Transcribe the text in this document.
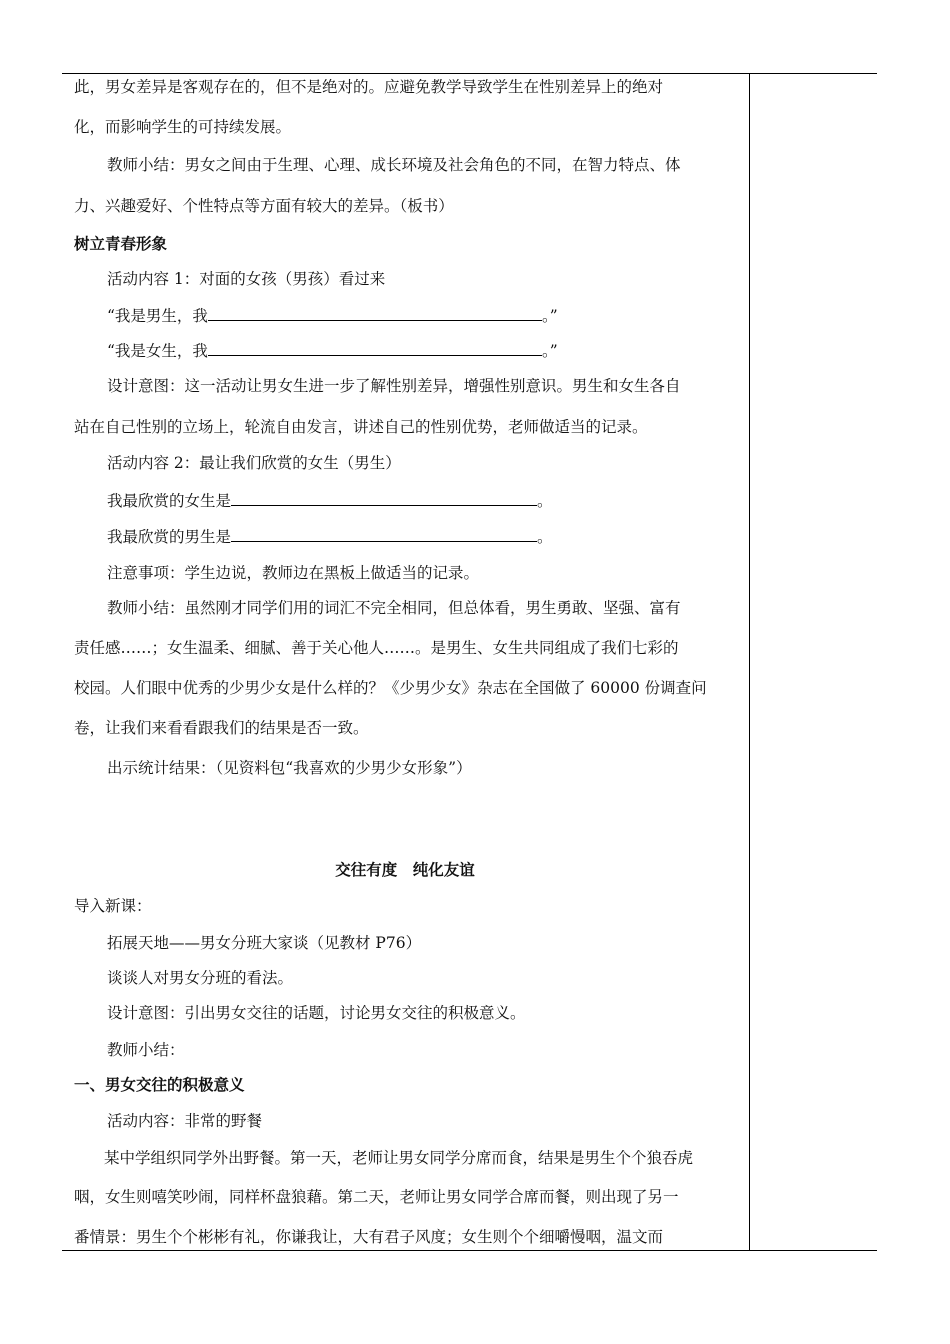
此，男女差异是客观存在的，但不是绝对的。应避免教学导致学生在性别差异上的绝对
化，而影响学生的可持续发展。
教师小结：男女之间由于生理、心理、成长环境及社会角色的不同，在智力特点、体
力、兴趣爱好、个性特点等方面有较大的差异。（板书）
树立青春形象
活动内容 1：对面的女孩（男孩）看过来
“我是男生，我	。”
“我是女生，我	。”
设计意图：这一活动让男女生进一步了解性别差异，增强性别意识。男生和女生各自
站在自己性别的立场上，轮流自由发言，讲述自己的性别优势，老师做适当的记录。
活动内容 2：最让我们欣赏的女生（男生）
我最欣赏的女生是	。
我最欣赏的男生是	。
注意事项：学生边说，教师边在黑板上做适当的记录。
教师小结：虽然刚才同学们用的词汇不完全相同，但总体看，男生勇敢、坚强、富有
责任感……；女生温柔、细腻、善于关心他人……。是男生、女生共同组成了我们七彩的
校园。人们眼中优秀的少男少女是什么样的？《少男少女》杂志在全国做了 60000 份调查问
卷，让我们来看看跟我们的结果是否一致。
出示统计结果：（见资料包“我喜欢的少男少女形象”）
交往有度　纯化友谊
导入新课：
拓展天地——男女分班大家谈（见教材 P76）
谈谈人对男女分班的看法。
设计意图：引出男女交往的话题，讨论男女交往的积极意义。
教师小结：
一、男女交往的积极意义
活动内容：非常的野餐
某中学组织同学外出野餐。第一天，老师让男女同学分席而食，结果是男生个个狼吞虎
咽，女生则嘻笑吵闹，同样杯盘狼藉。第二天，老师让男女同学合席而餐，则出现了另一
番情景：男生个个彬彬有礼，你谦我让，大有君子风度；女生则个个细嚼慢咽，温文而
